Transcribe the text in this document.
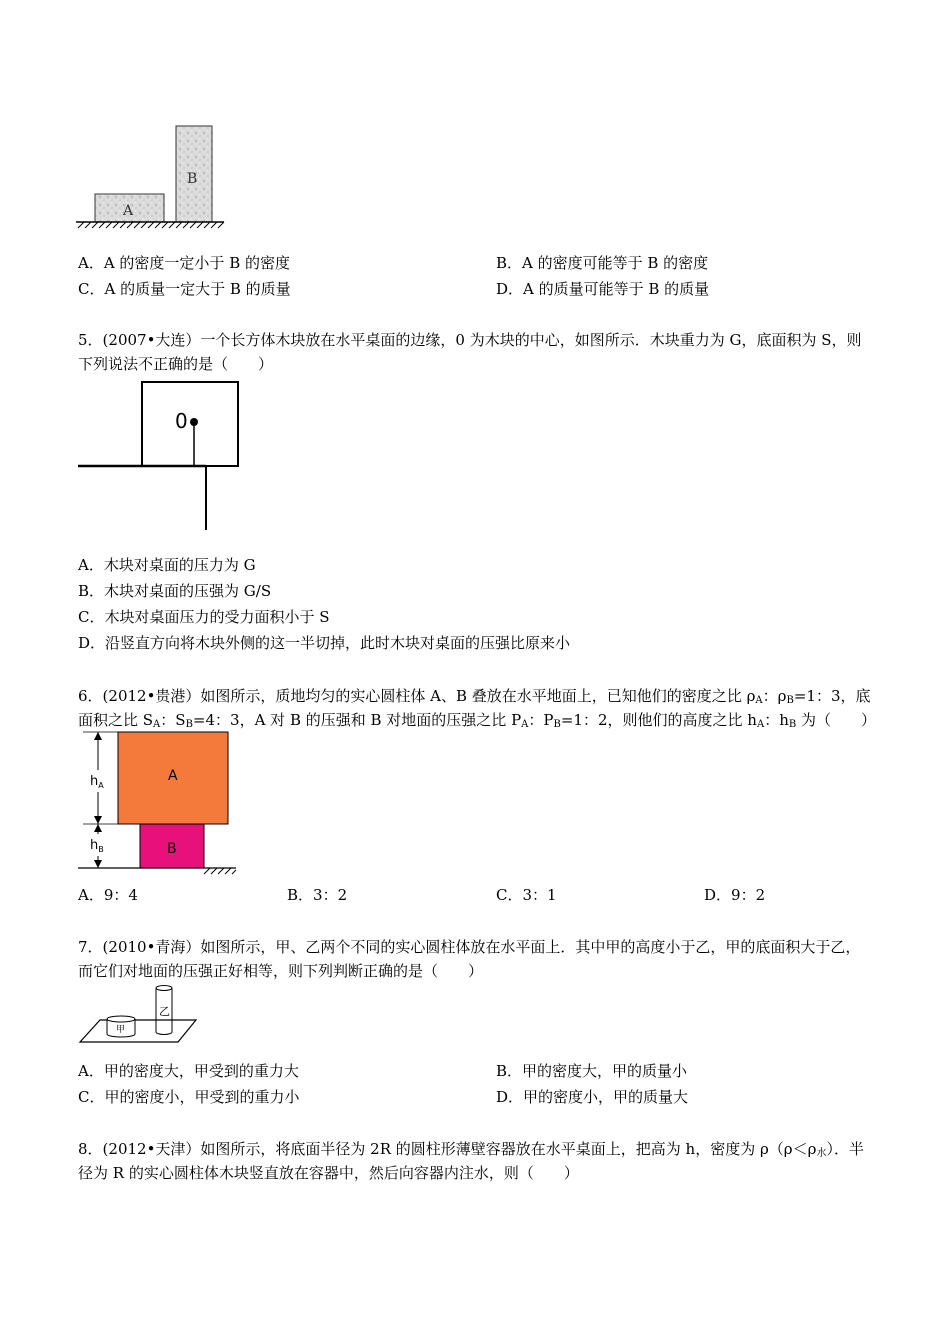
A
B
A．A 的密度一定小于 B 的密度	B．A 的密度可能等于 B 的密度
C．A 的质量一定大于 B 的质量	D．A 的质量可能等于 B 的质量
5．(2007•大连）一个长方体木块放在水平桌面的边缘，0 为木块的中心，如图所示．木块重力为 G，底面积为 S，则
下列说法不正确的是（　　）
0
A．木块对桌面的压力为 G
B．木块对桌面的压强为 G/S
C．木块对桌面压力的受力面积小于 S
D．沿竖直方向将木块外侧的这一半切掉，此时木块对桌面的压强比原来小
6．(2012•贵港）如图所示，质地均匀的实心圆柱体 A、B 叠放在水平地面上，已知他们的密度之比 $\rho_A$：$\rho_B=1$：3，底
面积之比 $S_A$：$S_B=4$：3，A 对 B 的压强和 B 对地面的压强之比 $P_A$：$P_B=1$：2，则他们的高度之比 $h_A$：$h_B$ 为（　　）
$h_A$
$h_B$
A
B
A．9：4	B．3：2	C．3：1	D．9：2
7．(2010•青海）如图所示，甲、乙两个不同的实心圆柱体放在水平面上．其中甲的高度小于乙，甲的底面积大于乙，
而它们对地面的压强正好相等，则下列判断正确的是（　　）
甲
乙
A．甲的密度大，甲受到的重力大	B．甲的密度大，甲的质量小
C．甲的密度小，甲受到的重力小	D．甲的密度小，甲的质量大
8．(2012•天津）如图所示，将底面半径为 2R 的圆柱形薄壁容器放在水平桌面上，把高为 h，密度为 $\rho(\rho<\rho_水)$．半
径为 R 的实心圆柱体木块竖直放在容器中，然后向容器内注水，则（　　）
